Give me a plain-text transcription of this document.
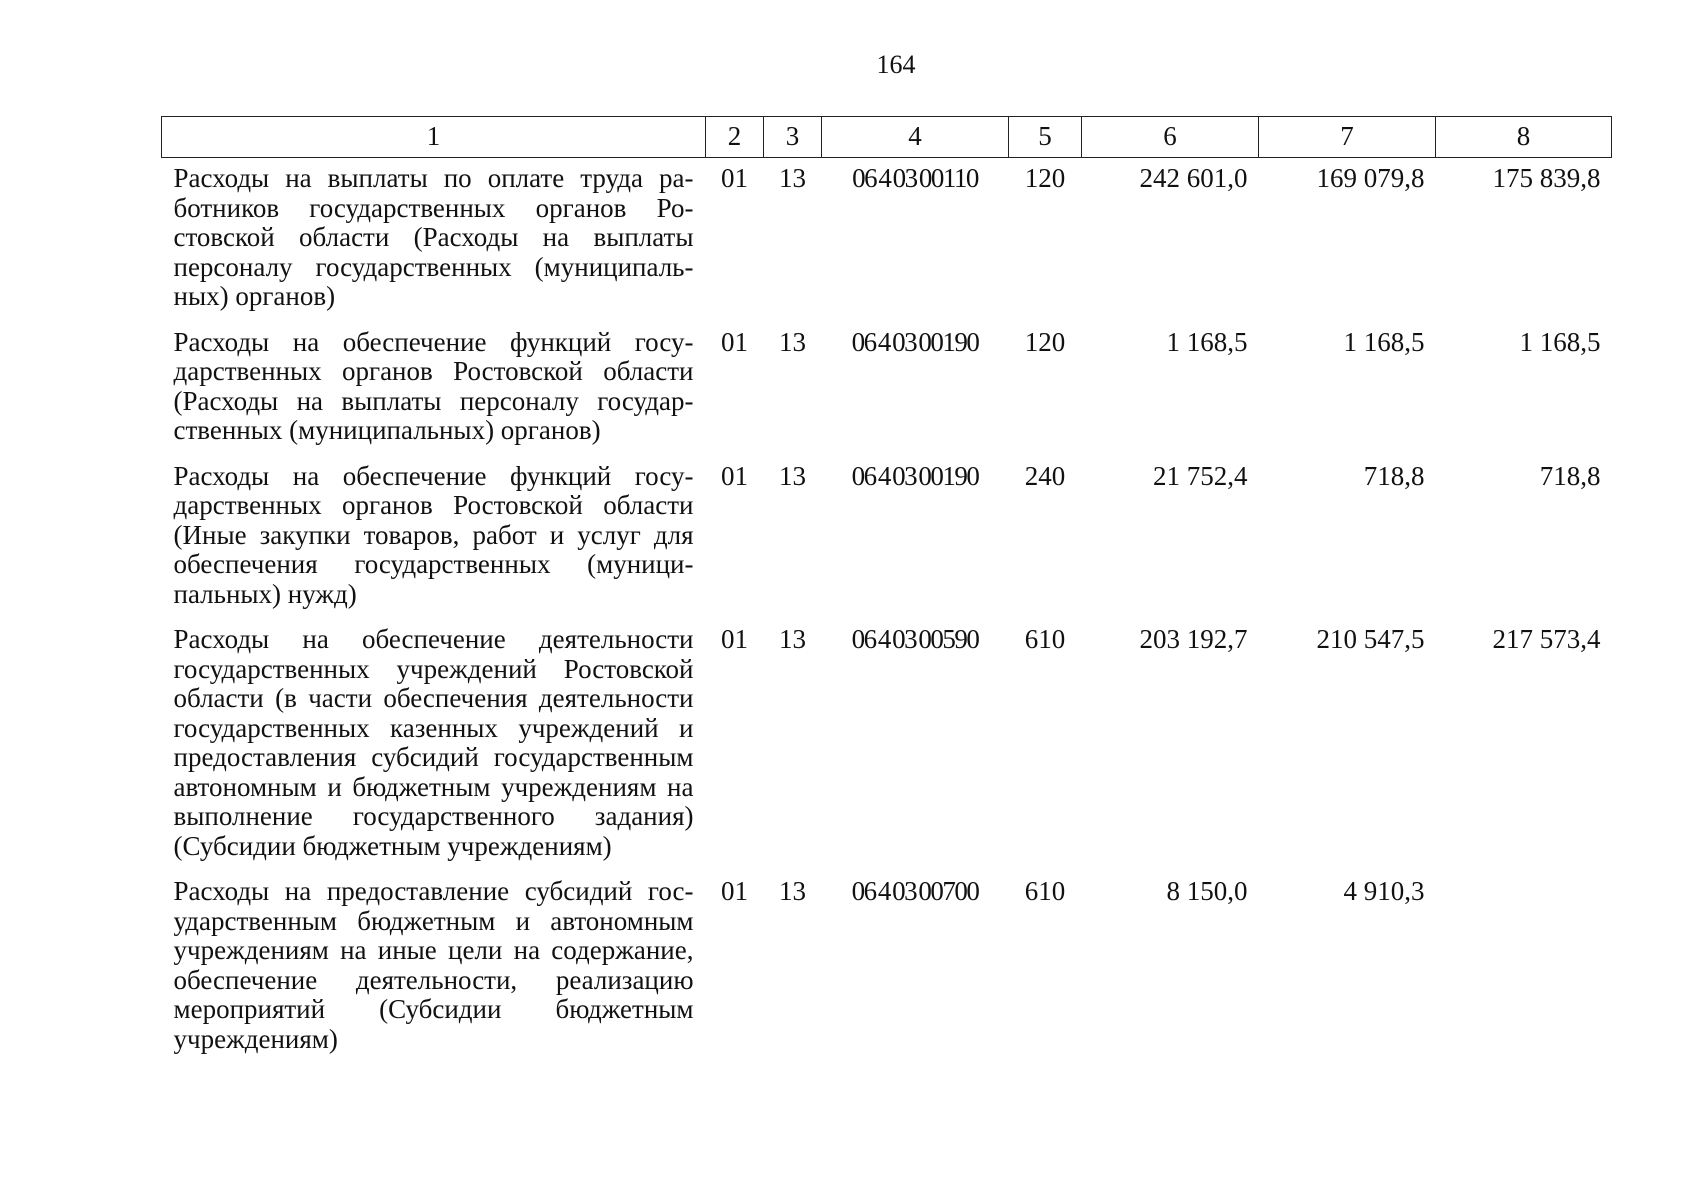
164
1	2	3	4	5	6	7	8
Расходы на выплаты по оплате труда работников государственных органов Ростовской области (Расходы на выплаты персоналу государственных (муниципальных) органов)	01	13	06 4 03 00110	120	242 601,0	169 079,8	175 839,8
Расходы на обеспечение функций государственных органов Ростовской области (Расходы на выплаты персоналу государственных (муниципальных) органов)	01	13	06 4 03 00190	120	1 168,5	1 168,5	1 168,5
Расходы на обеспечение функций государственных органов Ростовской области (Иные закупки товаров, работ и услуг для обеспечения государственных (муниципальных) нужд)	01	13	06 4 03 00190	240	21 752,4	718,8	718,8
Расходы на обеспечение деятельности государственных учреждений Ростовской области (в части обеспечения деятельности государственных казенных учреждений и предоставления субсидий государственным автономным и бюджетным учреждениям на выполнение государственного задания) (Субсидии бюджетным учреждениям)	01	13	06 4 03 00590	610	203 192,7	210 547,5	217 573,4
Расходы на предоставление субсидий государственным бюджетным и автономным учреждениям на иные цели на содержание, обеспечение деятельности, реализацию мероприятий (Субсидии бюджетным учреждениям)	01	13	06 4 03 00700	610	8 150,0	4 910,3	
